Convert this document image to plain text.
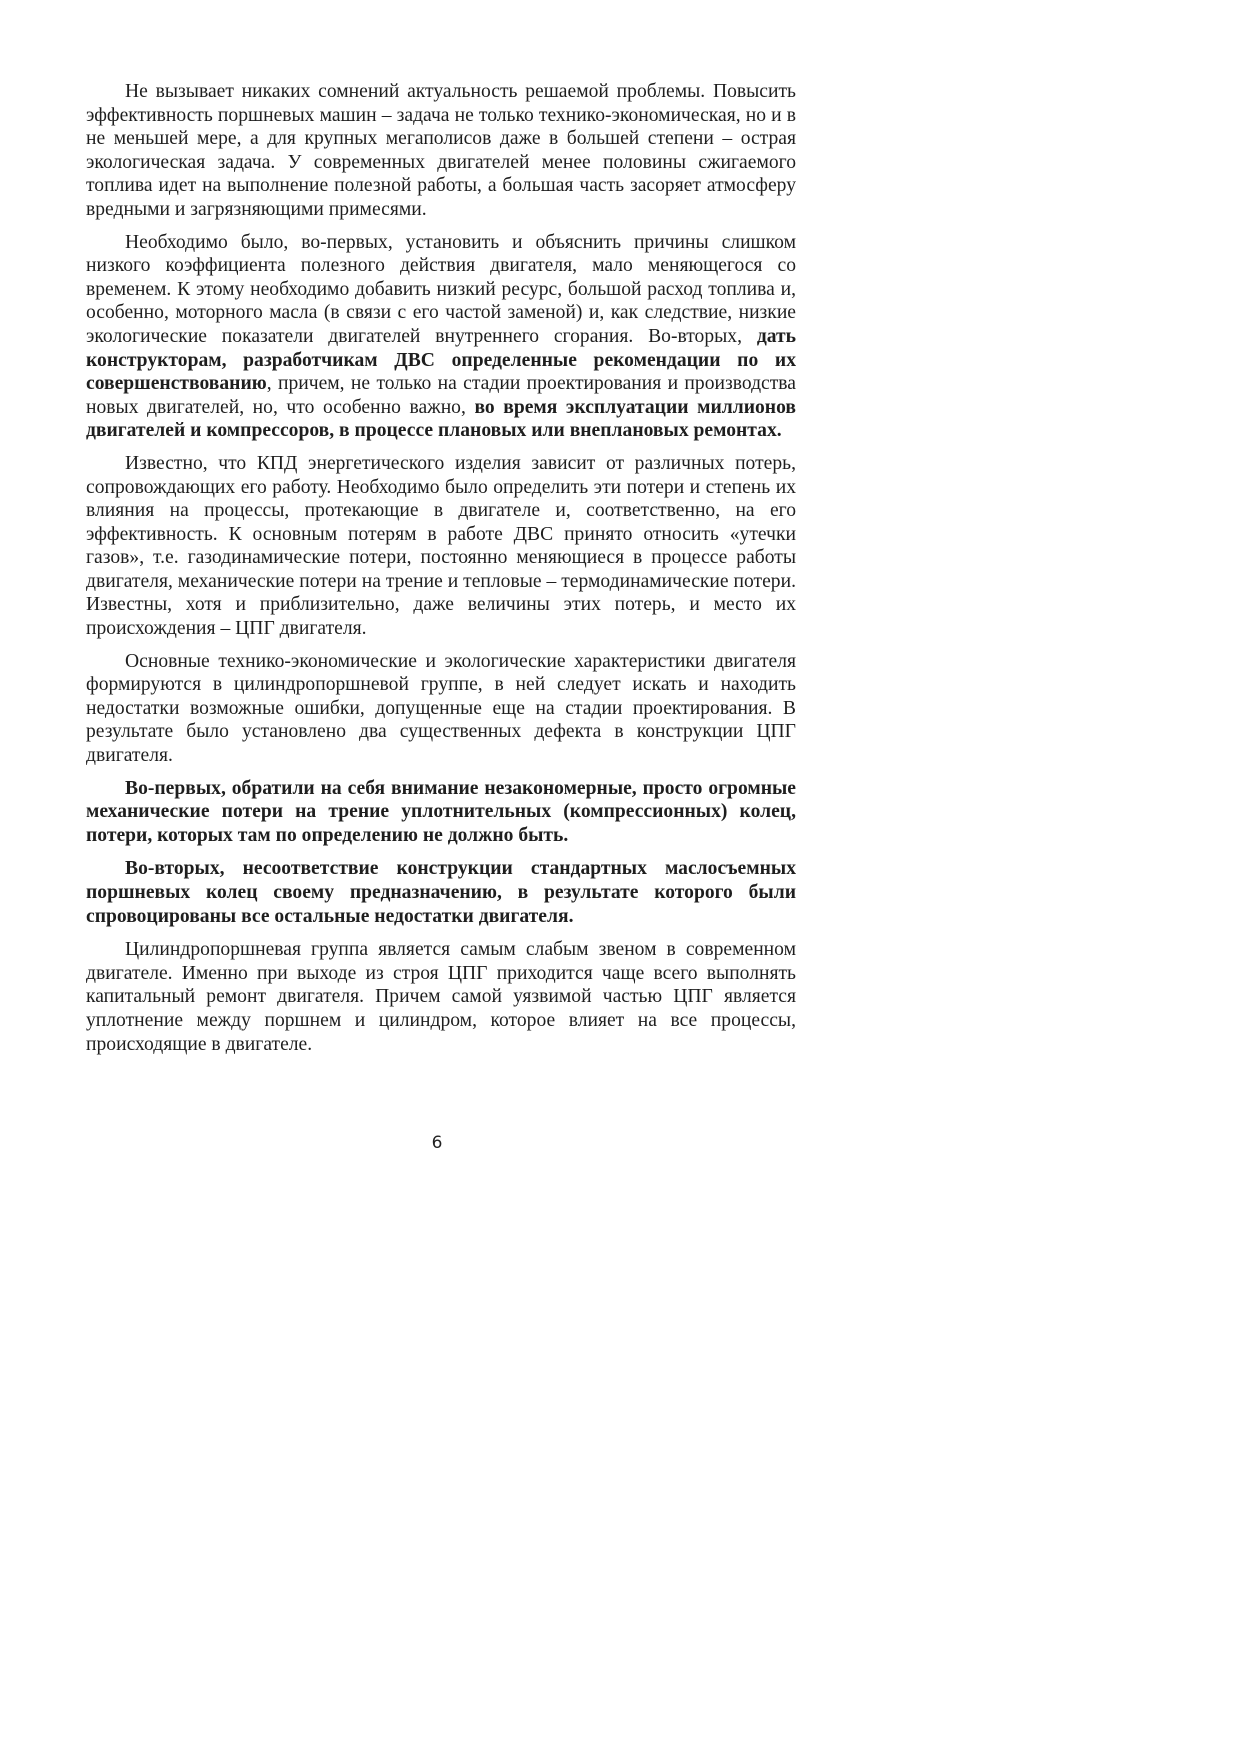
Не вызывает никаких сомнений актуальность решаемой проблемы. Повысить эффективность поршневых машин – задача не только технико-экономическая, но и в не меньшей мере, а для крупных мегаполисов даже в большей степени – острая экологическая задача. У современных двигателей менее половины сжигаемого топлива идет на выполнение полезной работы, а большая часть засоряет атмосферу вредными и загрязняющими примесями.

Необходимо было, во-первых, установить и объяснить причины слишком низкого коэффициента полезного действия двигателя, мало меняющегося со временем. К этому необходимо добавить низкий ресурс, большой расход топлива и, особенно, моторного масла (в связи с его частой заменой) и, как следствие, низкие экологические показатели двигателей внутреннего сгорания. Во-вторых, дать конструкторам, разработчикам ДВС определенные рекомендации по их совершенствованию, причем, не только на стадии проектирования и производства новых двигателей, но, что особенно важно, во время эксплуатации миллионов двигателей и компрессоров, в процессе плановых или внеплановых ремонтах.

Известно, что КПД энергетического изделия зависит от различных потерь, сопровождающих его работу. Необходимо было определить эти потери и степень их влияния на процессы, протекающие в двигателе и, соответственно, на его эффективность. К основным потерям в работе ДВС принято относить «утечки газов», т.е. газодинамические потери, постоянно меняющиеся в процессе работы двигателя, механические потери на трение и тепловые – термодинамические потери. Известны, хотя и приблизительно, даже величины этих потерь, и место их происхождения – ЦПГ двигателя.

Основные технико-экономические и экологические характеристики двигателя формируются в цилиндропоршневой группе, в ней следует искать и находить недостатки возможные ошибки, допущенные еще на стадии проектирования. В результате было установлено два существенных дефекта в конструкции ЦПГ двигателя.

Во-первых, обратили на себя внимание незакономерные, просто огромные механические потери на трение уплотнительных (компрессионных) колец, потери, которых там по определению не должно быть.

Во-вторых, несоответствие конструкции стандартных маслосъемных поршневых колец своему предназначению, в результате которого были спровоцированы все остальные недостатки двигателя.

Цилиндропоршневая группа является самым слабым звеном в современном двигателе. Именно при выходе из строя ЦПГ приходится чаще всего выполнять капитальный ремонт двигателя. Причем самой уязвимой частью ЦПГ является уплотнение между поршнем и цилиндром, которое влияет на все процессы, происходящие в двигателе.

6
